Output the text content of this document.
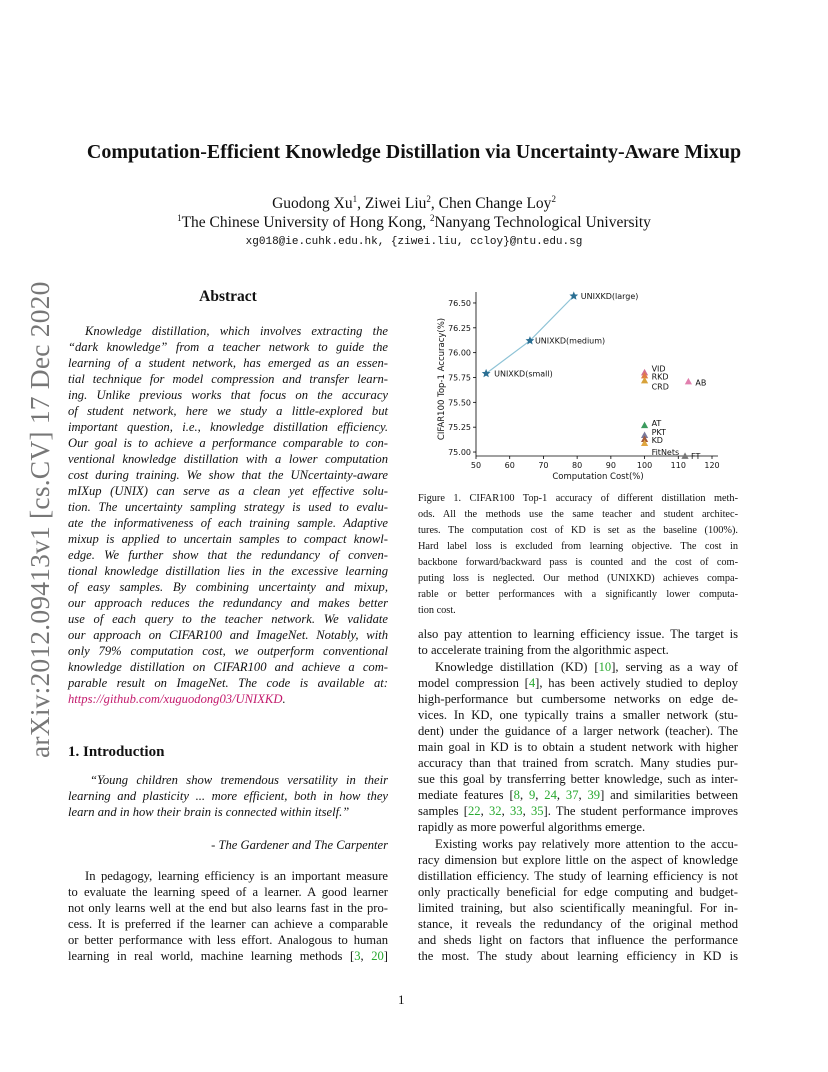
arXiv:2012.09413v1 [cs.CV] 17 Dec 2020
Computation-Efficient Knowledge Distillation via Uncertainty-Aware Mixup
Guodong Xu$^1$, Ziwei Liu$^2$, Chen Change Loy$^2$
$^1$The Chinese University of Hong Kong, $^2$Nanyang Technological University
xg018@ie.cuhk.edu.hk, {ziwei.liu, ccloy}@ntu.edu.sg
Abstract
Knowledge distillation, which involves extracting the
“dark knowledge” from a teacher network to guide the
learning of a student network, has emerged as an essen-
tial technique for model compression and transfer learn-
ing. Unlike previous works that focus on the accuracy
of student network, here we study a little-explored but
important question, i.e., knowledge distillation efficiency.
Our goal is to achieve a performance comparable to con-
ventional knowledge distillation with a lower computation
cost during training. We show that the UNcertainty-aware
mIXup (UNIX) can serve as a clean yet effective solu-
tion. The uncertainty sampling strategy is used to evalu-
ate the informativeness of each training sample. Adaptive
mixup is applied to uncertain samples to compact knowl-
edge. We further show that the redundancy of conven-
tional knowledge distillation lies in the excessive learning
of easy samples. By combining uncertainty and mixup,
our approach reduces the redundancy and makes better
use of each query to the teacher network. We validate
our approach on CIFAR100 and ImageNet. Notably, with
only 79% computation cost, we outperform conventional
knowledge distillation on CIFAR100 and achieve a com-
parable result on ImageNet. The code is available at:
https://github.com/xuguodong03/UNIXKD.
1. Introduction
“Young children show tremendous versatility in their
learning and plasticity ... more efficient, both in how they
learn and in how their brain is connected within itself.”
- The Gardener and The Carpenter
In pedagogy, learning efficiency is an important measure
to evaluate the learning speed of a learner. A good learner
not only learns well at the end but also learns fast in the pro-
cess. It is preferred if the learner can achieve a comparable
or better performance with less effort. Analogous to human
learning in real world, machine learning methods [3, 20]
50	60	70	80	90	100 110 120
75.00
75.25
75.50
75.75
76.00
76.25
76.50
Computation Cost(%)
CIFAR100 Top-1 Accuracy(%)
UNIXKD(large)
UNIXKD(medium)
UNIXKD(small)
VID
RKD
CRD	AB
AT
PKT
KD
FitNets FT
Figure 1. CIFAR100 Top-1 accuracy of different distillation meth-
ods. All the methods use the same teacher and student architec-
tures. The computation cost of KD is set as the baseline (100%).
Hard label loss is excluded from learning objective. The cost in
backbone forward/backward pass is counted and the cost of com-
puting loss is neglected. Our method (UNIXKD) achieves compa-
rable or better performances with a significantly lower computa-
tion cost.
also pay attention to learning efficiency issue. The target is
to accelerate training from the algorithmic aspect.
Knowledge distillation (KD) [10], serving as a way of
model compression [4], has been actively studied to deploy
high-performance but cumbersome networks on edge de-
vices. In KD, one typically trains a smaller network (stu-
dent) under the guidance of a larger network (teacher). The
main goal in KD is to obtain a student network with higher
accuracy than that trained from scratch. Many studies pur-
sue this goal by transferring better knowledge, such as inter-
mediate features [8, 9, 24, 37, 39] and similarities between
samples [22, 32, 33, 35]. The student performance improves
rapidly as more powerful algorithms emerge.
Existing works pay relatively more attention to the accu-
racy dimension but explore little on the aspect of knowledge
distillation efficiency. The study of learning efficiency is not
only practically beneficial for edge computing and budget-
limited training, but also scientifically meaningful. For in-
stance, it reveals the redundancy of the original method
and sheds light on factors that influence the performance
the most. The study about learning efficiency in KD is
1
